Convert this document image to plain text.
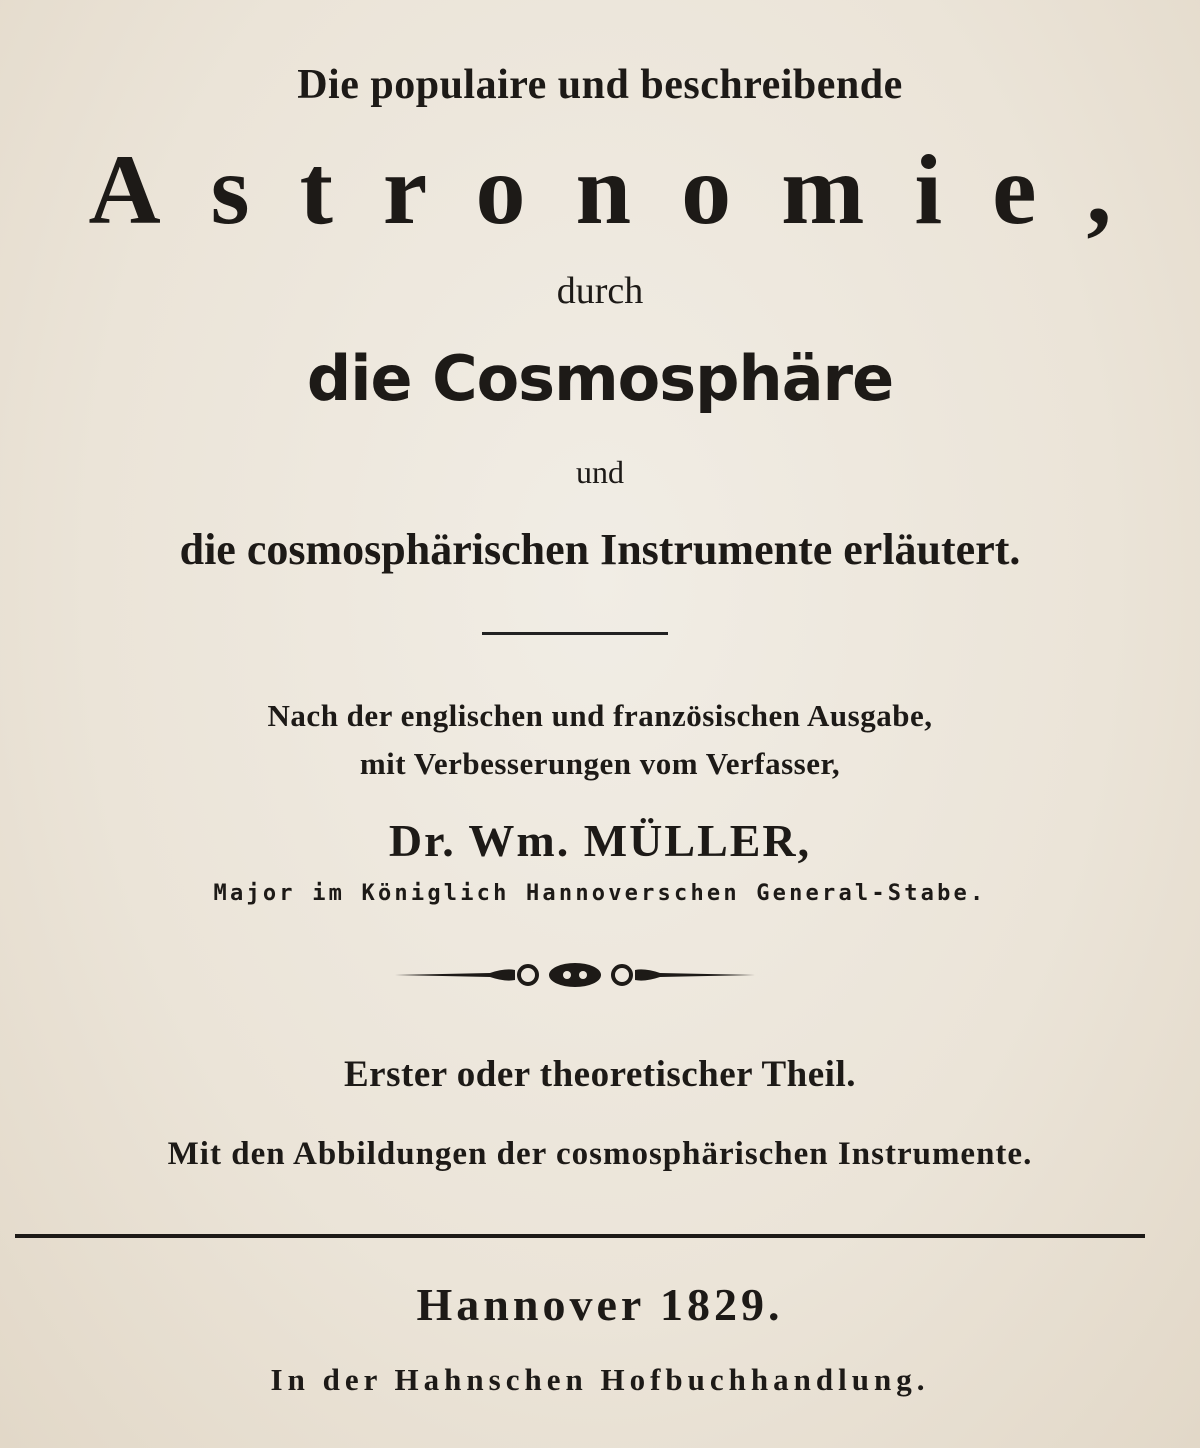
Die populaire und beschreibende
Astronomie,
durch
die Cosmosphäre
und
die cosmosphärischen Instrumente erläutert.
Nach der englischen und französischen Ausgabe,
mit Verbesserungen vom Verfasser,
Dr. Wm. MÜLLER,
Major im Königlich Hannoverschen General-Stabe.
Erster oder theoretischer Theil.
Mit den Abbildungen der cosmosphärischen Instrumente.
Hannover 1829.
In der Hahnschen Hofbuchhandlung.
